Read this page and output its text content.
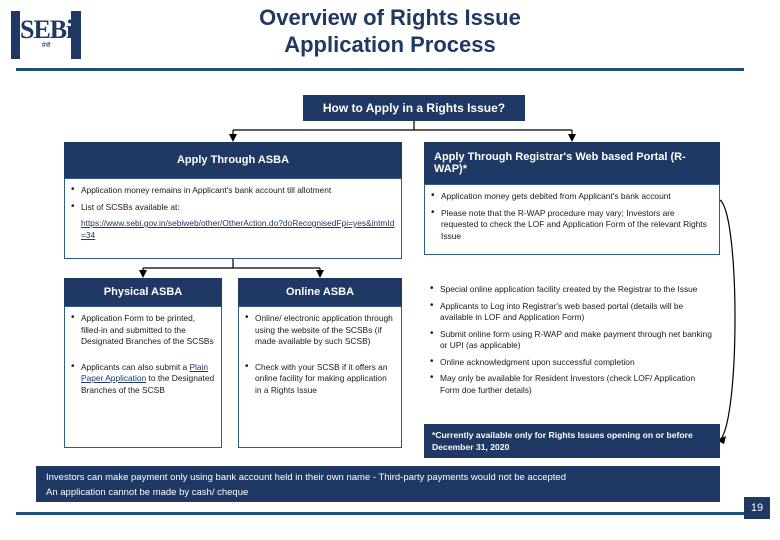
SEBi
सेबी
Overview of Rights Issue
Application Process
How to Apply in a Rights Issue?
Apply Through ASBA
• Application money remains in Applicant's bank account till allotment
• List of SCSBs available at:
https://www.sebi.gov.in/sebiweb/other/OtherAction.do?doRecognisedFpi=yes&intmId=34
Apply Through Registrar's Web based Portal (R-WAP)*
• Application money gets debited from Applicant's bank account
• Please note that the R-WAP procedure may vary; Investors are requested to check the LOF and Application Form of the relevant Rights Issue
Physical ASBA
• Application Form to be printed, filled-in and submitted to the Designated Branches of the SCSBs
• Applicants can also submit a Plain Paper Application to the Designated Branches of the SCSB
Online ASBA
• Online/ electronic application through using the website of the SCSBs (if made available by such SCSB)
• Check with your SCSB if it offers an online facility for making application in a Rights Issue
• Special online application facility created by the Registrar to the Issue
• Applicants to Log into Registrar's web based portal (details will be available in LOF and Application Form)
• Submit online form using R-WAP and make payment through net banking or UPI (as applicable)
• Online acknowledgment upon successful completion
• May only be available for Resident Investors (check LOF/ Application Form doe further details)
*Currently available only for Rights Issues opening on or before December 31, 2020
Investors can make payment only using bank account held in their own name - Third-party payments would not be accepted
An application cannot be made by cash/ cheque
19
